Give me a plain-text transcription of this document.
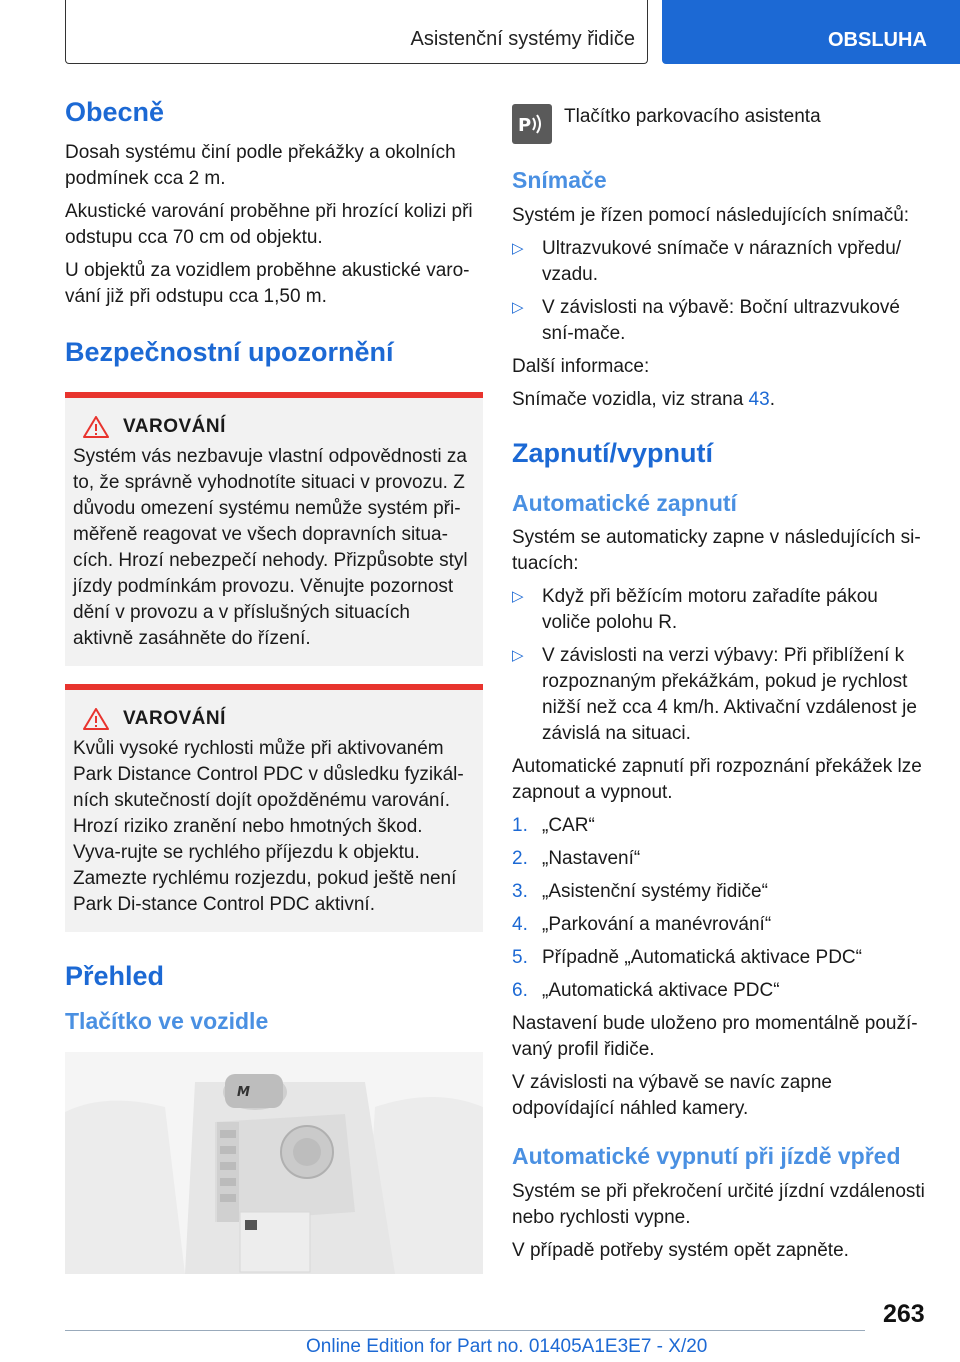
Asistenční systémy řidiče	OBSLUHA
Obecně

Dosah systému činí podle překážky a okolních podmínek cca 2 m.

Akustické varování proběhne při hrozící kolizi při odstupu cca 70 cm od objektu.

U objektů za vozidlem proběhne akustické varo-vání již při odstupu cca 1,50 m.

Bezpečnostní upozornění
VAROVÁNÍ

Systém vás nezbavuje vlastní odpovědnosti za to, že správně vyhodnotíte situaci v provozu. Z důvodu omezení systému nemůže systém při-měřeně reagovat ve všech dopravních situa-cích. Hrozí nebezpečí nehody. Přizpůsobte styl jízdy podmínkám provozu. Věnujte pozornost dění v provozu a v příslušných situacích aktivně zasáhněte do řízení.

VAROVÁNÍ

Kvůli vysoké rychlosti může při aktivovaném Park Distance Control PDC v důsledku fyzikál-ních skutečností dojít opožděnému varování. Hrozí riziko zranění nebo hmotných škod. Vyva-rujte se rychlého příjezdu k objektu. Zamezte rychlému rozjezdu, pokud ještě není Park Di-stance Control PDC aktivní.

Přehled
Tlačítko ve vozidle
M
P Tlačítko parkovacího asistenta

Snímače

Systém je řízen pomocí následujících snímačů:

▷ Ultrazvukové snímače v nárazních vpředu/ vzadu.
▷ V závislosti na výbavě: Boční ultrazvukové sní-mače.

Další informace:

Snímače vozidla, viz strana 43.

Zapnutí/vypnutí
Automatické zapnutí

Systém se automaticky zapne v následujících si-tuacích:

▷ Když při běžícím motoru zařadíte pákou voliče polohu R.
▷ V závislosti na verzi výbavy: Při přiblížení k rozpoznaným překážkám, pokud je rychlost nižší než cca 4 km/h. Aktivační vzdálenost je závislá na situaci.

Automatické zapnutí při rozpoznání překážek lze zapnout a vypnout.

1. „CAR“
2. „Nastavení“
3. „Asistenční systémy řidiče“
4. „Parkování a manévrování“
5. Případně „Automatická aktivace PDC“
6. „Automatická aktivace PDC“

Nastavení bude uloženo pro momentálně použí-vaný profil řidiče.

V závislosti na výbavě se navíc zapne odpovídající náhled kamery.

Automatické vypnutí při jízdě vpřed

Systém se při překročení určité jízdní vzdálenosti nebo rychlosti vypne.

V případě potřeby systém opět zapněte.

263
Online Edition for Part no. 01405A1E3E7 - X/20
